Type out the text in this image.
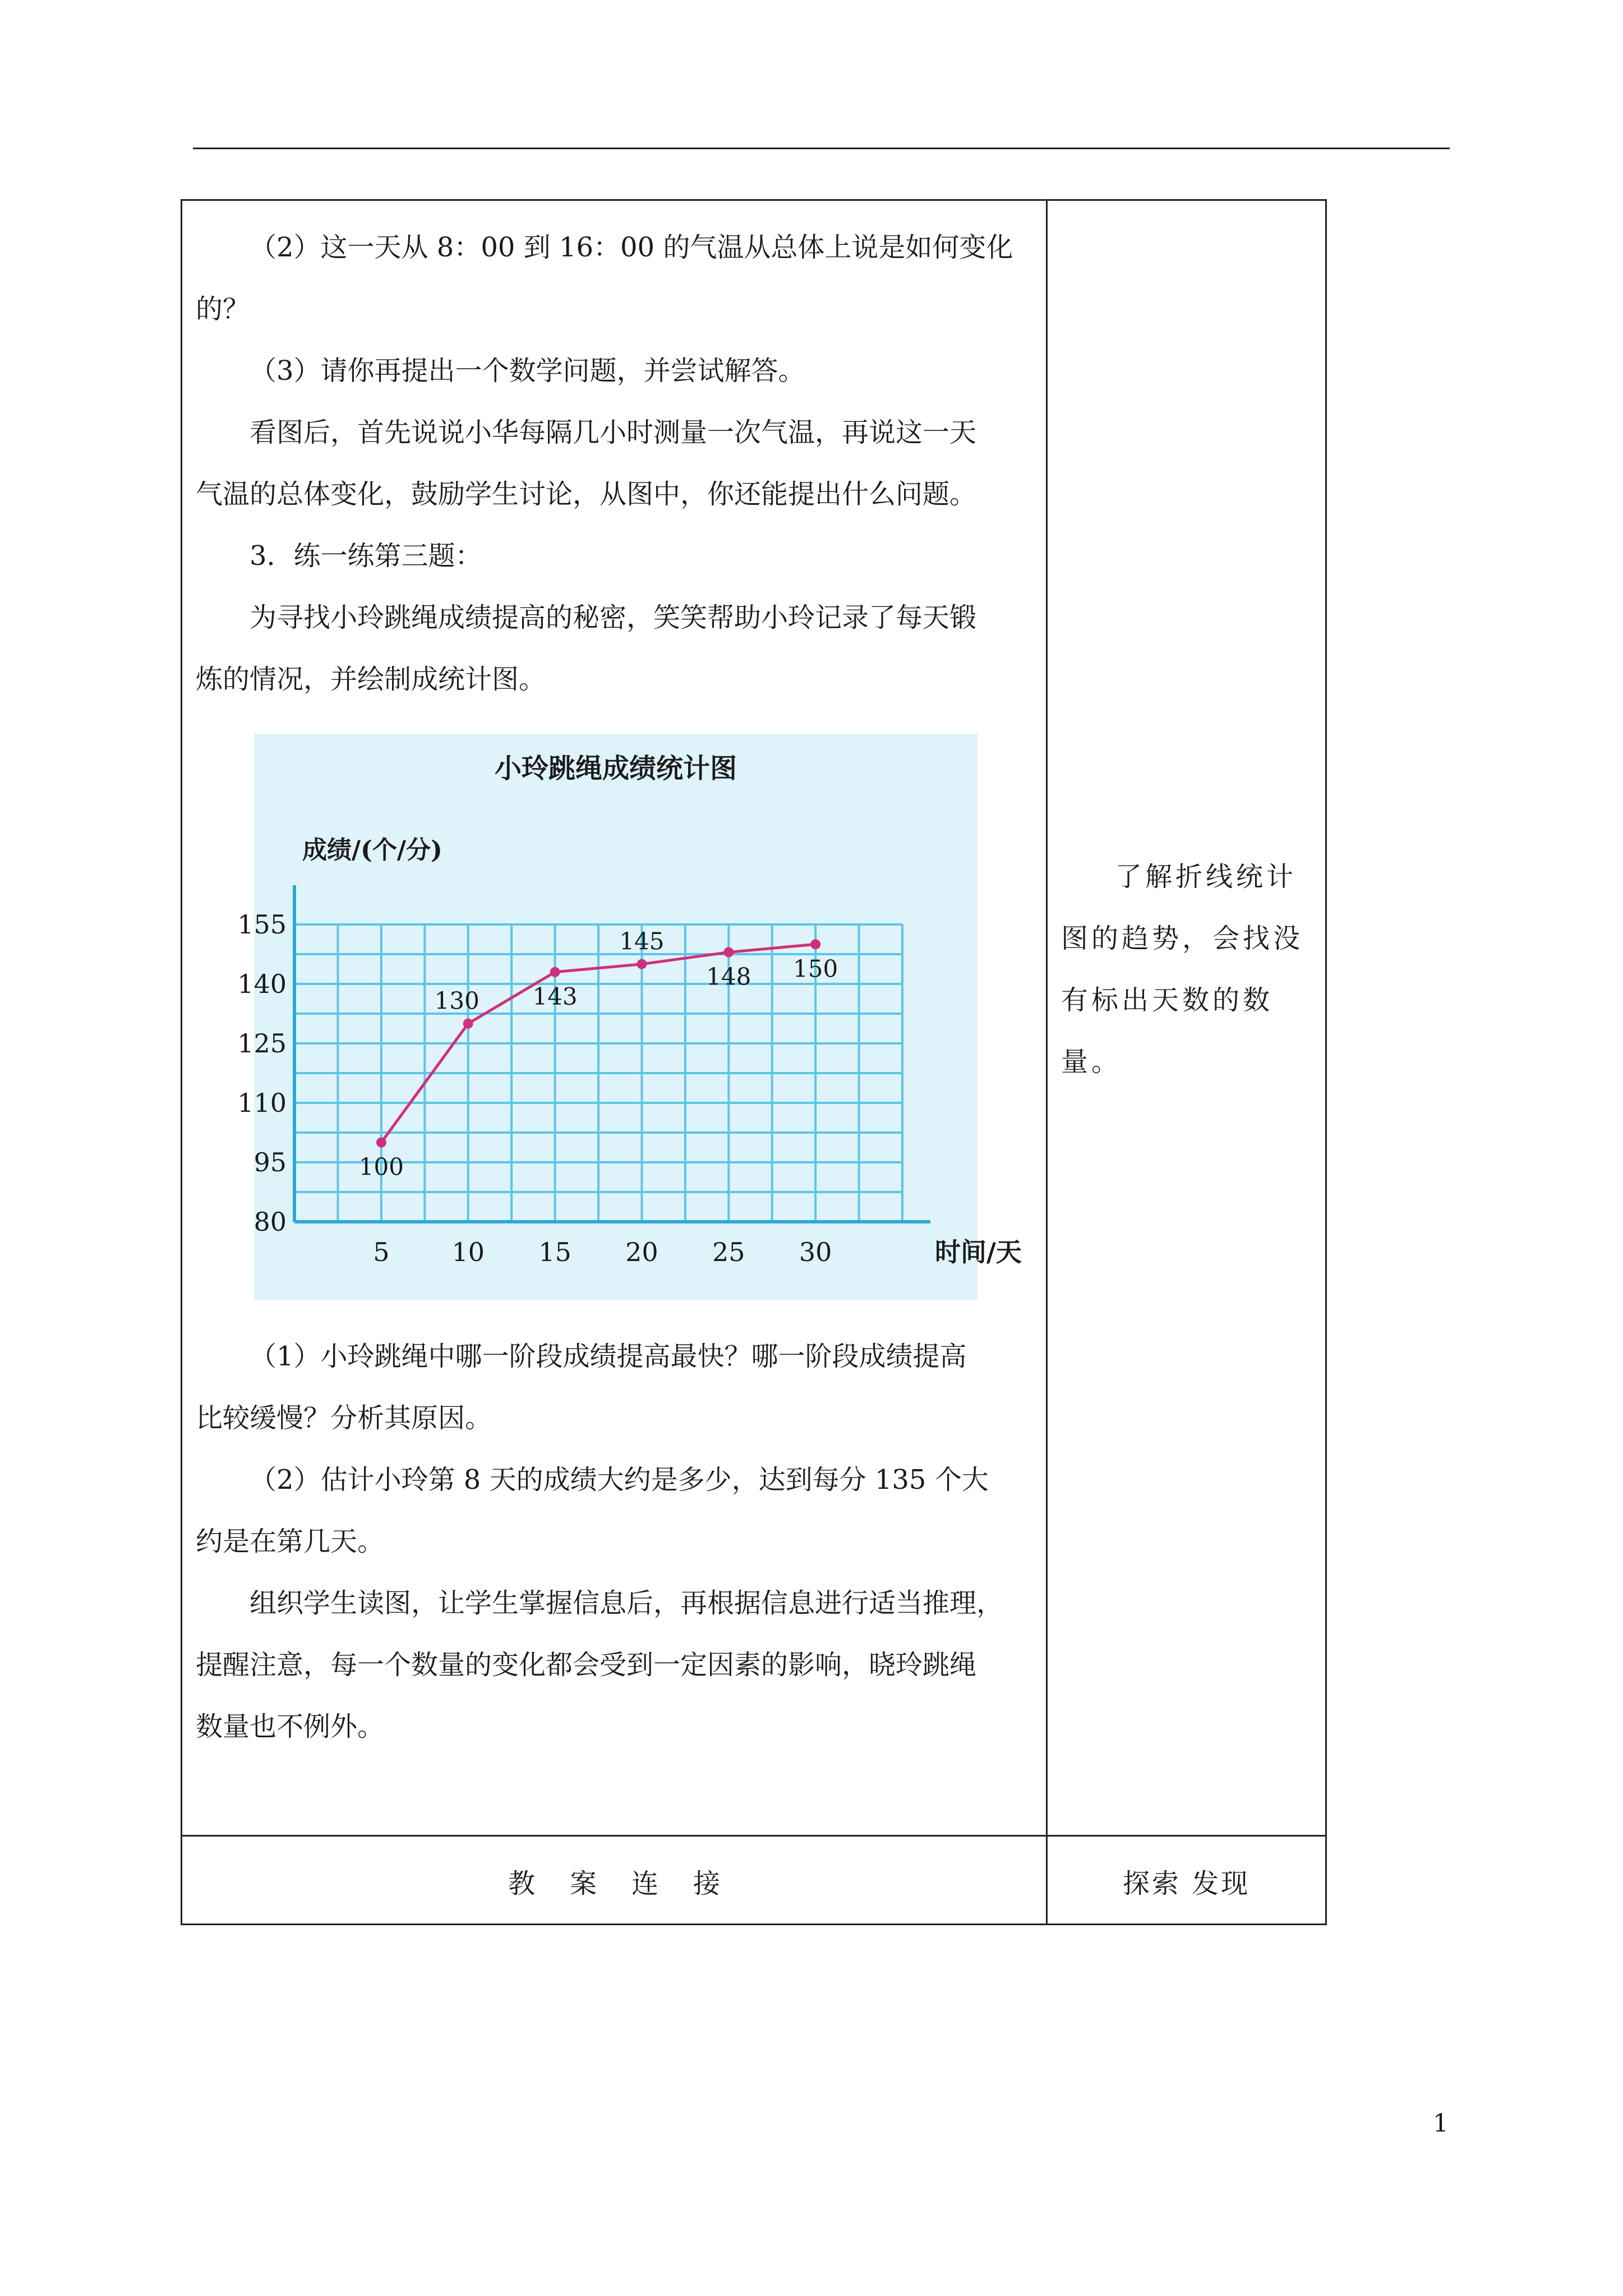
（2）这一天从 8：00 到 16：00 的气温从总体上说是如何变化

的？

（3）请你再提出一个数学问题，并尝试解答。

看图后，首先说说小华每隔几小时测量一次气温，再说这一天

气温的总体变化，鼓励学生讨论，从图中，你还能提出什么问题。

3．练一练第三题：

为寻找小玲跳绳成绩提高的秘密，笑笑帮助小玲记录了每天锻

炼的情况，并绘制成统计图。

小玲跳绳成绩统计图
成绩/(个/分)
80
95
110
125
140
155
5 10 15 20 25 30	时间/天
100
130 143
145
148 150

（1）小玲跳绳中哪一阶段成绩提高最快？哪一阶段成绩提高

比较缓慢？分析其原因。

（2）估计小玲第 8 天的成绩大约是多少，达到每分 135 个大

约是在第几天。

组织学生读图，让学生掌握信息后，再根据信息进行适当推理，

提醒注意，每一个数量的变化都会受到一定因素的影响，晓玲跳绳

数量也不例外。

了解折线统计图的趋势，会找没有标出天数的数量。

教案连接	探索 发现
1
